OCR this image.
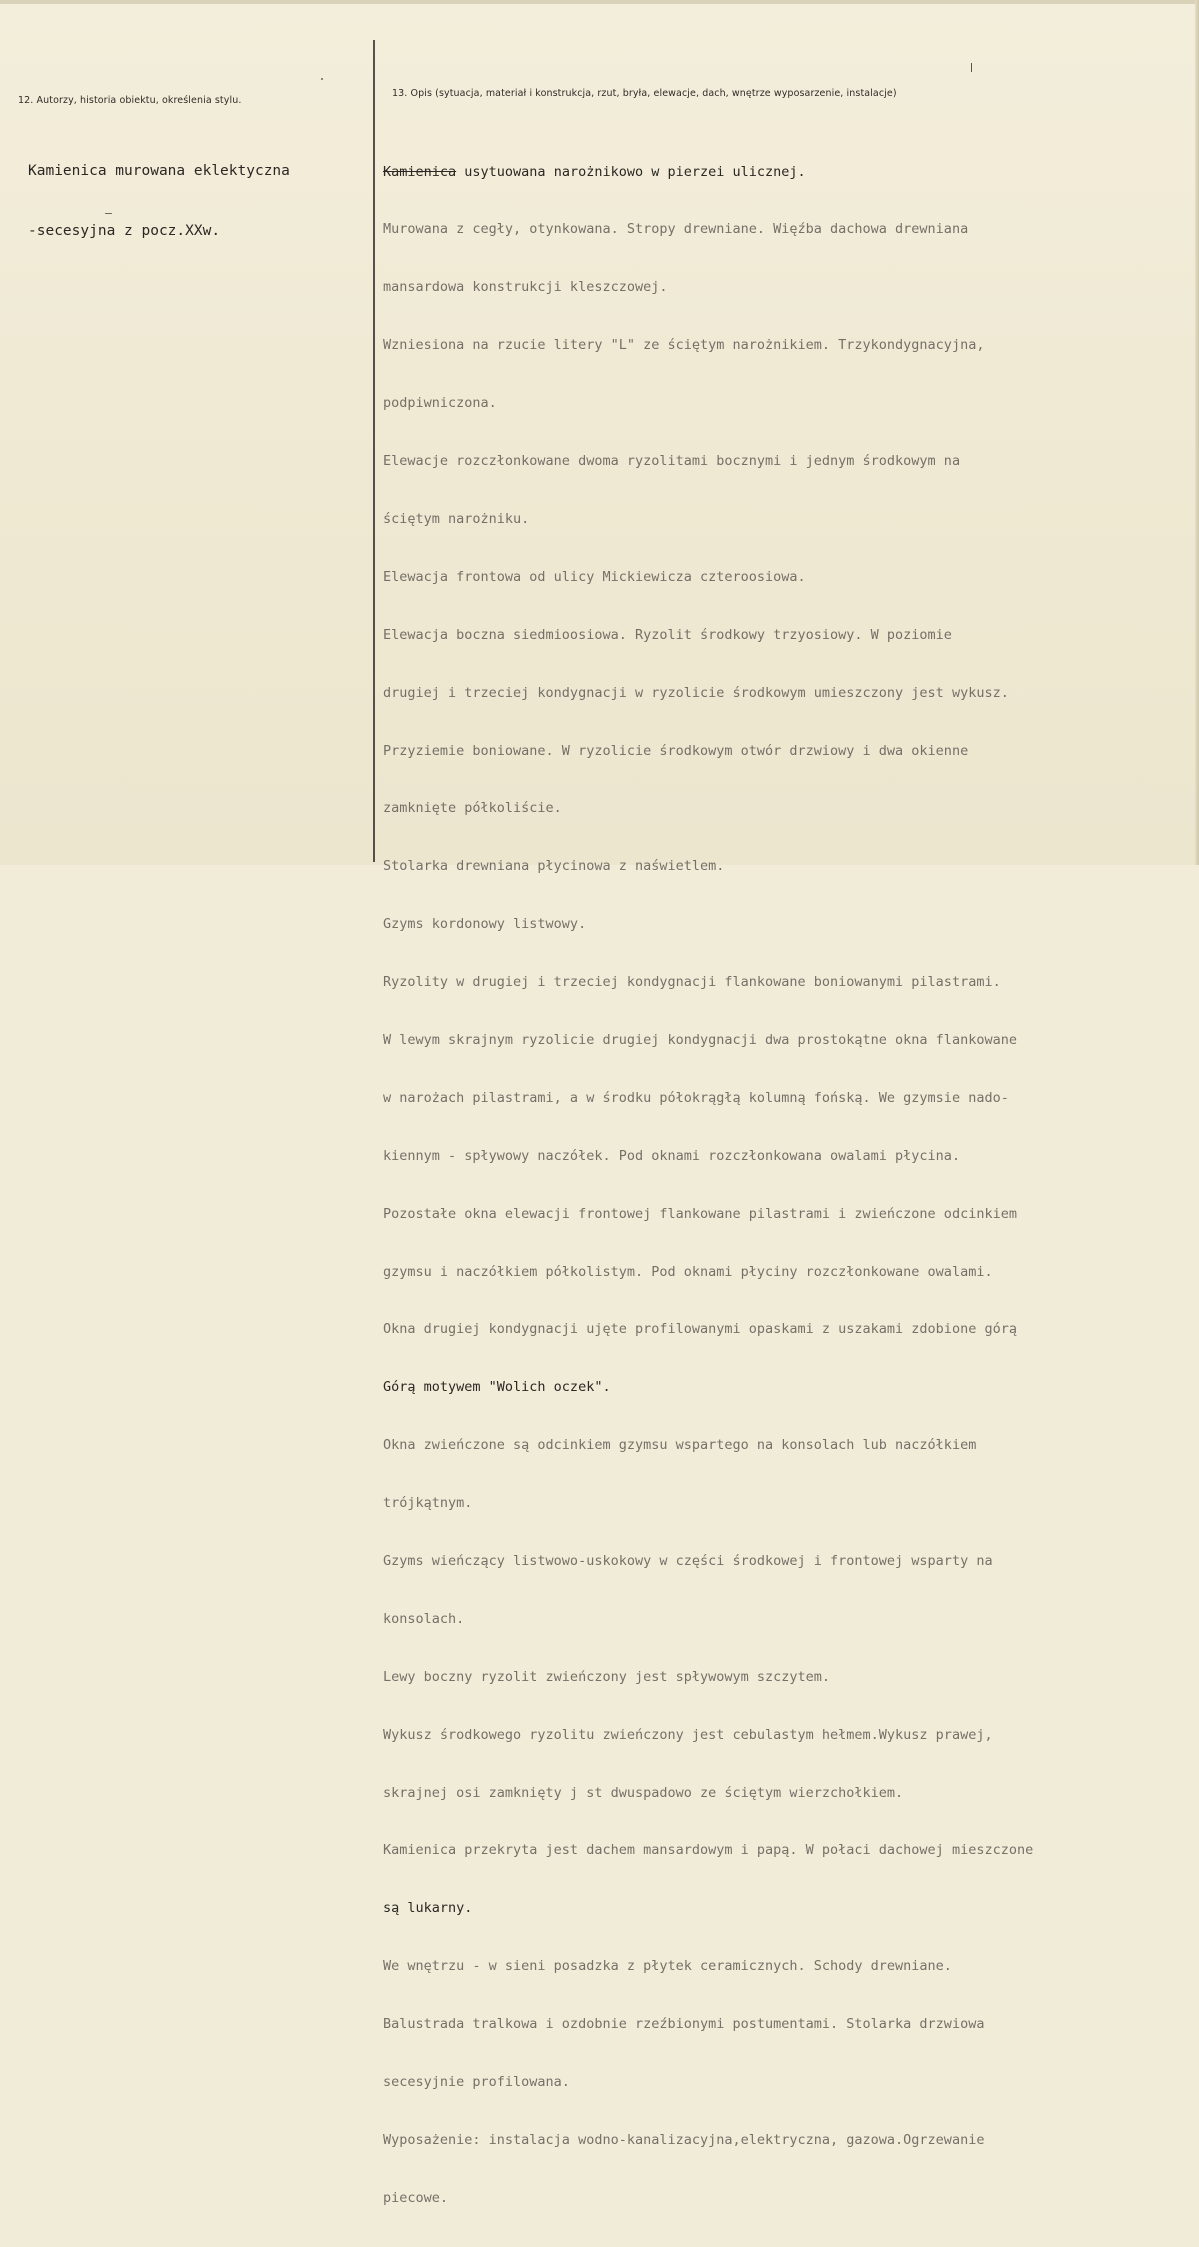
12. Autorzy, historia obiektu, określenia stylu.
13. Opis (sytuacja, materiał i konstrukcja, rzut, bryła, elewacje, dach, wnętrze wyposarzenie, instalacje)

Kamienica murowana eklektyczna

-secesyjna z pocz.XXw.

Kamienica usytuowana narożnikowo w pierzei ulicznej.

Murowana z cegły, otynkowana. Stropy drewniane. Więźba dachowa drewniana

mansardowa konstrukcji kleszczowej.

Wzniesiona na rzucie litery "L" ze ściętym narożnikiem. Trzykondygnacyjna,

podpiwniczona.

Elewacje rozczłonkowane dwoma ryzolitami bocznymi i jednym środkowym na

ściętym narożniku.

Elewacja frontowa od ulicy Mickiewicza czteroosiowa.

Elewacja boczna siedmioosiowa. Ryzolit środkowy trzyosiowy. W poziomie

drugiej i trzeciej kondygnacji w ryzolicie środkowym umieszczony jest wykusz.

Przyziemie boniowane. W ryzolicie środkowym otwór drzwiowy i dwa okienne

zamknięte półkoliście.

Stolarka drewniana płycinowa z naświetlem.

Gzyms kordonowy listwowy.

Ryzolity w drugiej i trzeciej kondygnacji flankowane boniowanymi pilastrami.

W lewym skrajnym ryzolicie drugiej kondygnacji dwa prostokątne okna flankowane

w narożach pilastrami, a w środku półokrągłą kolumną fońską. We gzymsie nado-

kiennym - spływowy naczółek. Pod oknami rozczłonkowana owalami płycina.

Pozostałe okna elewacji frontowej flankowane pilastrami i zwieńczone odcinkiem

gzymsu i naczółkiem półkolistym. Pod oknami płyciny rozczłonkowane owalami.

Okna drugiej kondygnacji ujęte profilowanymi opaskami z uszakami zdobione górą

Górą motywem "Wolich oczek".

Okna zwieńczone są odcinkiem gzymsu wspartego na konsolach lub naczółkiem

trójkątnym.

Gzyms wieńczący listwowo-uskokowy w części środkowej i frontowej wsparty na

konsolach.

Lewy boczny ryzolit zwieńczony jest spływowym szczytem.

Wykusz środkowego ryzolitu zwieńczony jest cebulastym hełmem.Wykusz prawej,

skrajnej osi zamknięty j st dwuspadowo ze ściętym wierzchołkiem.

Kamienica przekryta jest dachem mansardowym i papą. W połaci dachowej mieszczone

są lukarny.

We wnętrzu - w sieni posadzka z płytek ceramicznych. Schody drewniane.

Balustrada tralkowa i ozdobnie rzeźbionymi postumentami. Stolarka drzwiowa

secesyjnie profilowana.

Wyposażenie: instalacja wodno-kanalizacyjna,elektryczna, gazowa.Ogrzewanie

piecowe.
